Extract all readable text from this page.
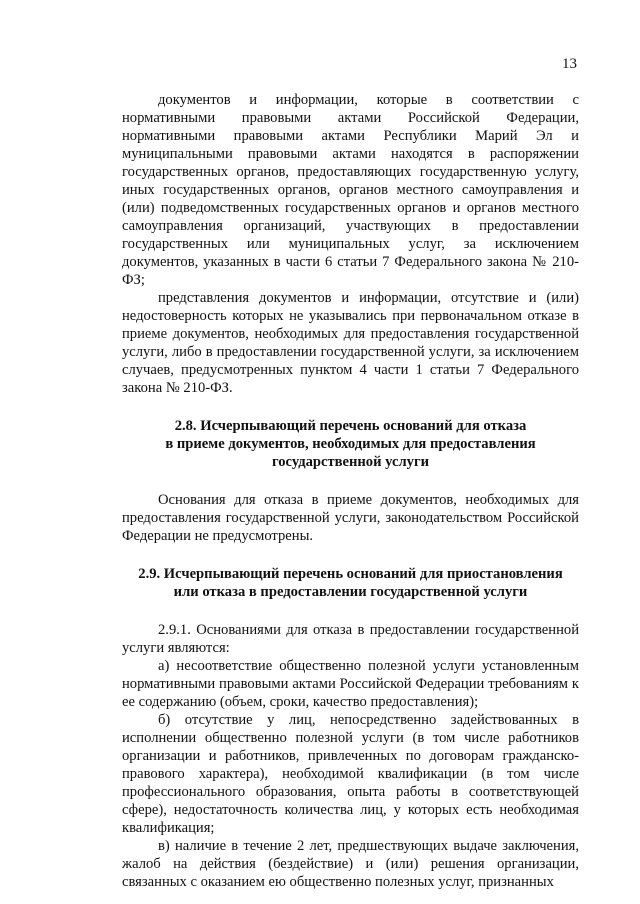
13

документов и информации, которые в соответствии с нормативными правовыми актами Российской Федерации, нормативными правовыми актами Республики Марий Эл и муниципальными правовыми актами находятся в распоряжении государственных органов, предоставляющих государственную услугу, иных государственных органов, органов местного самоуправления и (или) подведомственных государственных органов и органов местного самоуправления организаций, участвующих в предоставлении государственных или муниципальных услуг, за исключением документов, указанных в части 6 статьи 7 Федерального закона № 210-ФЗ;

представления документов и информации, отсутствие и (или) недостоверность которых не указывались при первоначальном отказе в приеме документов, необходимых для предоставления государственной услуги, либо в предоставлении государственной услуги, за исключением случаев, предусмотренных пунктом 4 части 1 статьи 7 Федерального закона № 210-ФЗ.

2.8. Исчерпывающий перечень оснований для отказа

в приеме документов, необходимых для предоставления

государственной услуги

Основания для отказа в приеме документов, необходимых для предоставления государственной услуги, законодательством Российской Федерации не предусмотрены.

2.9. Исчерпывающий перечень оснований для приостановления

или отказа в предоставлении государственной услуги

2.9.1. Основаниями для отказа в предоставлении государственной услуги являются:

а) несоответствие общественно полезной услуги установленным нормативными правовыми актами Российской Федерации требованиям к ее содержанию (объем, сроки, качество предоставления);

б) отсутствие у лиц, непосредственно задействованных в исполнении общественно полезной услуги (в том числе работников организации и работников, привлеченных по договорам гражданско-правового характера), необходимой квалификации (в том числе профессионального образования, опыта работы в соответствующей сфере), недостаточность количества лиц, у которых есть необходимая квалификация;

в) наличие в течение 2 лет, предшествующих выдаче заключения, жалоб на действия (бездействие) и (или) решения организации, связанных с оказанием ею общественно полезных услуг, признанных
